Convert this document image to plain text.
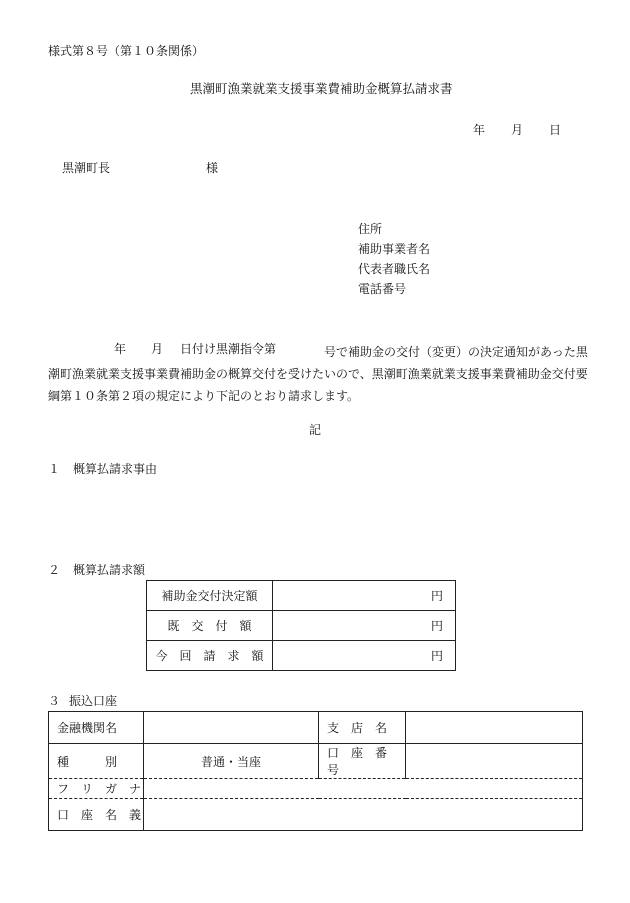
様式第８号（第１０条関係）
黒潮町漁業就業支援事業費補助金概算払請求書
年 月 日
黒潮町長	様
住所
補助事業者名
代表者職氏名
電話番号
年 月 日付け黒潮指令第	号で補助金の交付（変更）の決定通知があった黒潮町漁業就業支援事業費補助金の概算交付を受けたいので、黒潮町漁業就業支援事業費補助金交付要綱第１０条第２項の規定により下記のとおり請求します。
記
１ 概算払請求事由
２ 概算払請求額
補助金交付決定額	円
既　交　付　額	円
今　回　請　求　額	円
３ 振込口座
金融機関名		支　店　名	
種　　　別	普通・当座	口　座　番　号	
フ　リ　ガ　ナ			
口　座　名　義			
